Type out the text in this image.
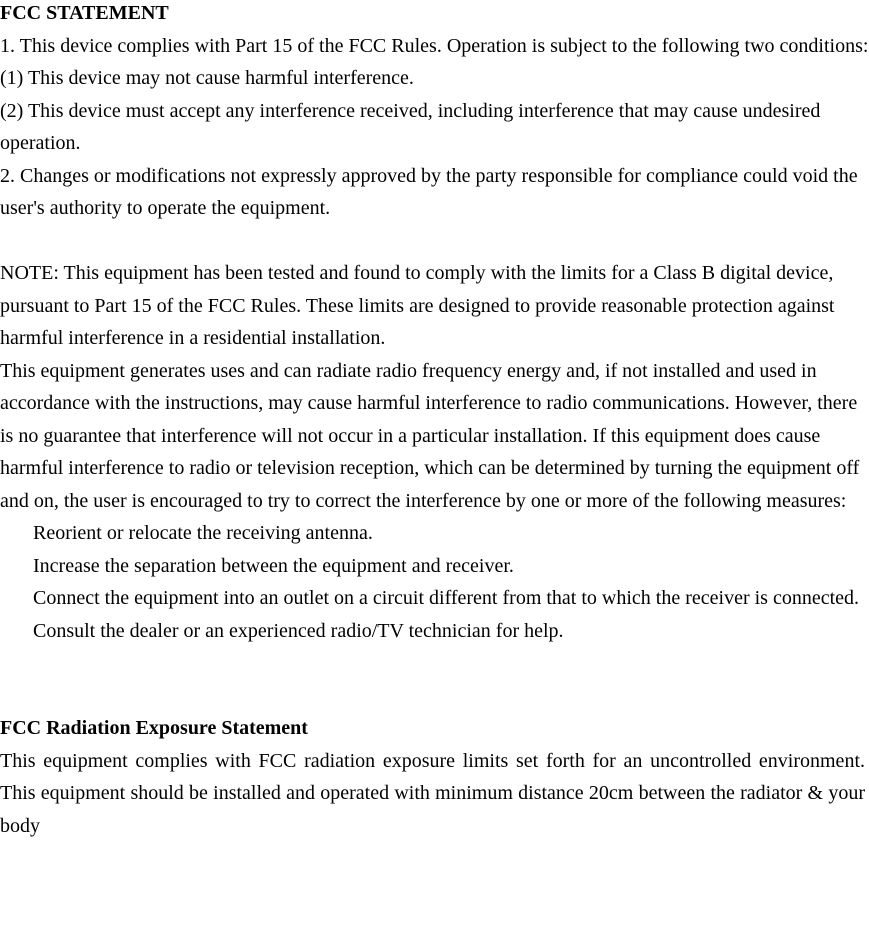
FCC STATEMENT

1. This device complies with Part 15 of the FCC Rules. Operation is subject to the following two conditions:

(1) This device may not cause harmful interference.

(2) This device must accept any interference received, including interference that may cause undesired operation.

2. Changes or modifications not expressly approved by the party responsible for compliance could void the user's authority to operate the equipment.

NOTE: This equipment has been tested and found to comply with the limits for a Class B digital device, pursuant to Part 15 of the FCC Rules. These limits are designed to provide reasonable protection against harmful interference in a residential installation.

This equipment generates uses and can radiate radio frequency energy and, if not installed and used in accordance with the instructions, may cause harmful interference to radio communications. However, there is no guarantee that interference will not occur in a particular installation. If this equipment does cause harmful interference to radio or television reception, which can be determined by turning the equipment off and on, the user is encouraged to try to correct the interference by one or more of the following measures:

Reorient or relocate the receiving antenna.

Increase the separation between the equipment and receiver.

Connect the equipment into an outlet on a circuit different from that to which the receiver is connected.

Consult the dealer or an experienced radio/TV technician for help.

FCC Radiation Exposure Statement

This equipment complies with FCC radiation exposure limits set forth for an uncontrolled environment. This equipment should be installed and operated with minimum distance 20cm between the radiator & your body
